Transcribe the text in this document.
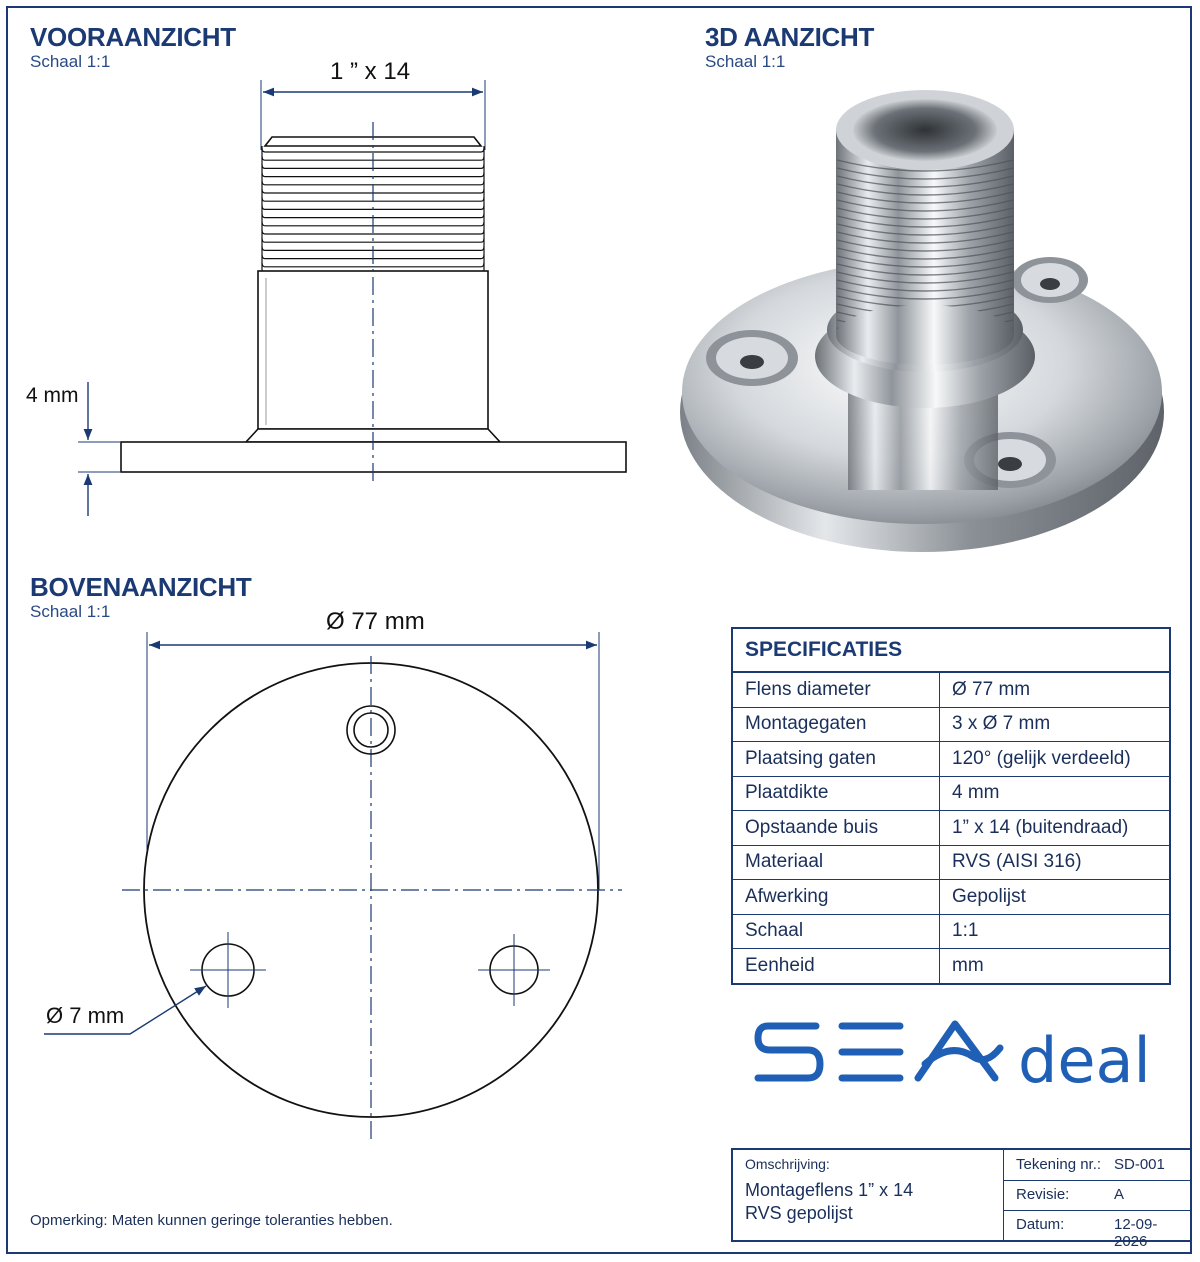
VOORAANZICHT
Schaal 1:1
3D AANZICHT
Schaal 1:1
BOVENAANZICHT
Schaal 1:1
1 ” x 14
4 mm
Ø 77 mm
Ø 7 mm
SPECIFICATIES	
Flens diameter	Ø 77 mm
Montagegaten	3 x Ø 7 mm
Plaatsing gaten	120° (gelijk verdeeld)
Plaatdikte	4 mm
Opstaande buis	1” x 14 (buitendraad)
Materiaal	RVS (AISI 316)
Afwerking	Gepolijst
Schaal	1:1
Eenheid	mm
deal
Omschrijving:
Montageflens 1” x 14
RVS gepolijst
Tekening nr.: SD-001
Revisie:	A
Datum:	12-09-2026
Opmerking: Maten kunnen geringe toleranties hebben.
